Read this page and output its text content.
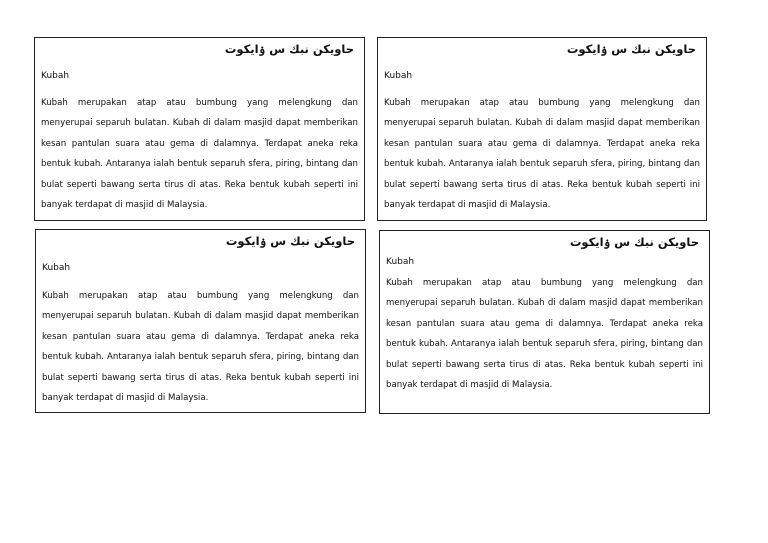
حاويکن نبك س ۏايکوت
Kubah

Kubah merupakan atap atau bumbung yang melengkung dan menyerupai separuh bulatan. Kubah di dalam masjid dapat memberikan kesan pantulan suara atau gema di dalamnya. Terdapat aneka reka bentuk kubah. Antaranya ialah bentuk separuh sfera, piring, bintang dan bulat seperti bawang serta tirus di atas. Reka bentuk kubah seperti ini banyak terdapat di masjid di Malaysia.

حاويکن نبك س ۏايکوت
Kubah

Kubah merupakan atap atau bumbung yang melengkung dan menyerupai separuh bulatan. Kubah di dalam masjid dapat memberikan kesan pantulan suara atau gema di dalamnya. Terdapat aneka reka bentuk kubah. Antaranya ialah bentuk separuh sfera, piring, bintang dan bulat seperti bawang serta tirus di atas. Reka bentuk kubah seperti ini banyak terdapat di masjid di Malaysia.

حاويکن نبك س ۏايکوت
Kubah

Kubah merupakan atap atau bumbung yang melengkung dan menyerupai separuh bulatan. Kubah di dalam masjid dapat memberikan kesan pantulan suara atau gema di dalamnya. Terdapat aneka reka bentuk kubah. Antaranya ialah bentuk separuh sfera, piring, bintang dan bulat seperti bawang serta tirus di atas. Reka bentuk kubah seperti ini banyak terdapat di masjid di Malaysia.

حاويکن نبك س ۏايکوت
Kubah

Kubah merupakan atap atau bumbung yang melengkung dan menyerupai separuh bulatan. Kubah di dalam masjid dapat memberikan kesan pantulan suara atau gema di dalamnya. Terdapat aneka reka bentuk kubah. Antaranya ialah bentuk separuh sfera, piring, bintang dan bulat seperti bawang serta tirus di atas. Reka bentuk kubah seperti ini banyak terdapat di masjid di Malaysia.
